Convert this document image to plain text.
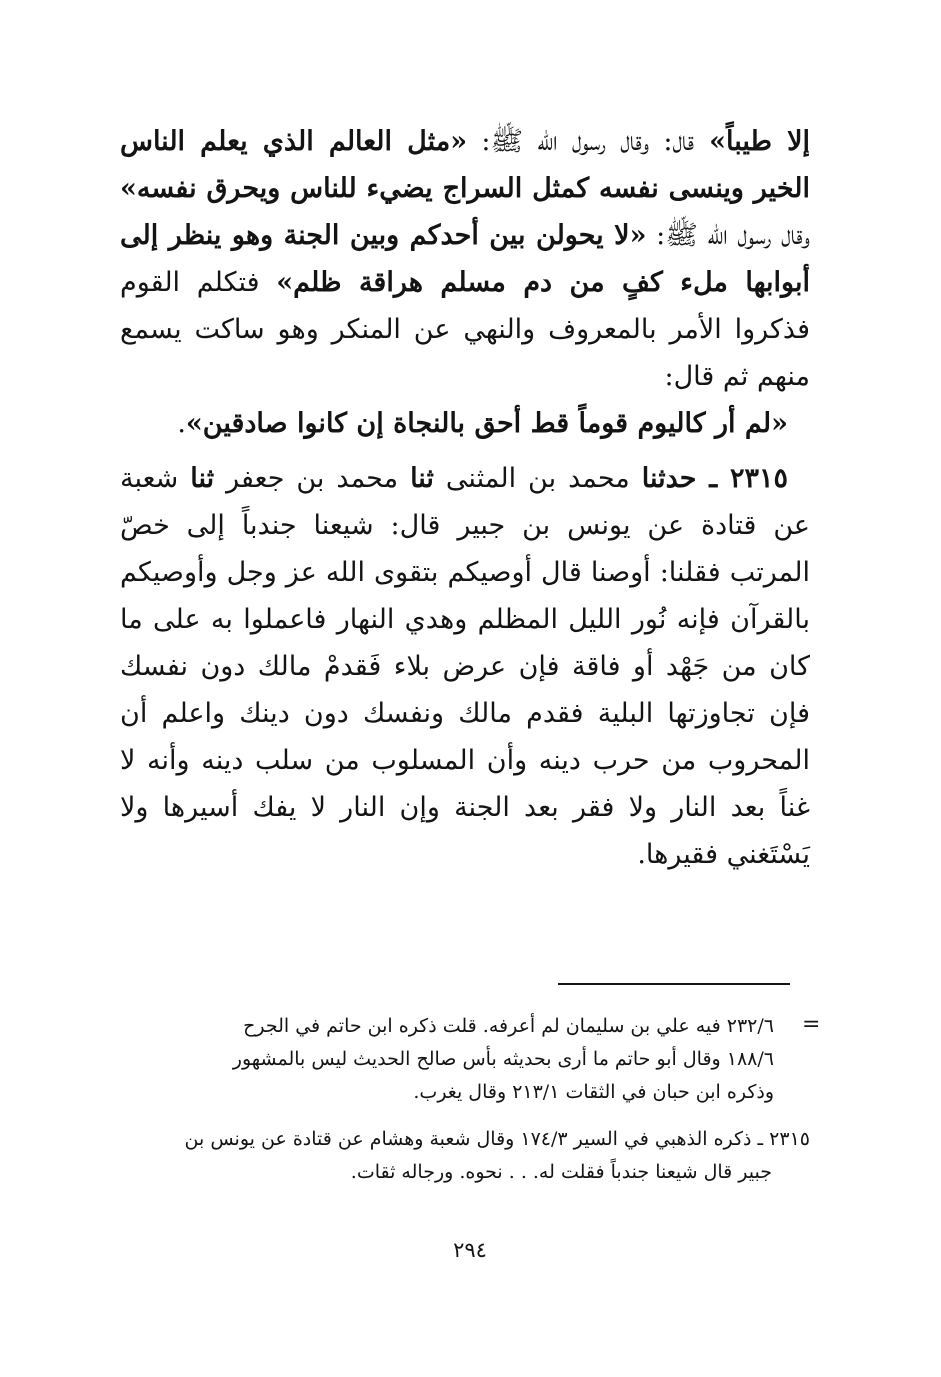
إلا طيباً» قال: وقال رسول الله ﷺ: «مثل العالم الذي يعلم الناس الخير وينسى نفسه كمثل السراج يضيء للناس ويحرق نفسه» وقال رسول الله ﷺ: «لا يحولن بين أحدكم وبين الجنة وهو ينظر إلى أبوابها ملء كفٍ من دم مسلم هراقة ظلم» فتكلم القوم فذكروا الأمر بالمعروف والنهي عن المنكر وهو ساكت يسمع منهم ثم قال:
«لم أر كاليوم قوماً قط أحق بالنجاة إن كانوا صادقين».

٢٣١٥ ـ حدثنا محمد بن المثنى ثنا محمد بن جعفر ثنا شعبة عن قتادة عن يونس بن جبير قال: شيعنا جندباً إلى خصّ المرتب فقلنا: أوصنا قال أوصيكم بتقوى الله عز وجل وأوصيكم بالقرآن فإنه نُور الليل المظلم وهدي النهار فاعملوا به على ما كان من جَهْد أو فاقة فإن عرض بلاء فَقدمْ مالك دون نفسك فإن تجاوزتها البلية فقدم مالك ونفسك دون دينك واعلم أن المحروب من حرب دينه وأن المسلوب من سلب دينه وأنه لا غناً بعد النار ولا فقر بعد الجنة وإن النار لا يفك أسيرها ولا يَسْتَغني فقيرها.

=
٢٣٢/٦ فيه علي بن سليمان لم أعرفه. قلت ذكره ابن حاتم في الجرح
١٨٨/٦ وقال أبو حاتم ما أرى بحديثه بأس صالح الحديث ليس بالمشهور
وذكره ابن حبان في الثقات ٢١٣/١ وقال يغرب.
٢٣١٥ ـ ذكره الذهبي في السير ١٧٤/٣ وقال شعبة وهشام عن قتادة عن يونس بن
جبير قال شيعنا جندباً فقلت له. . . نحوه. ورجاله ثقات.
٢٩٤
